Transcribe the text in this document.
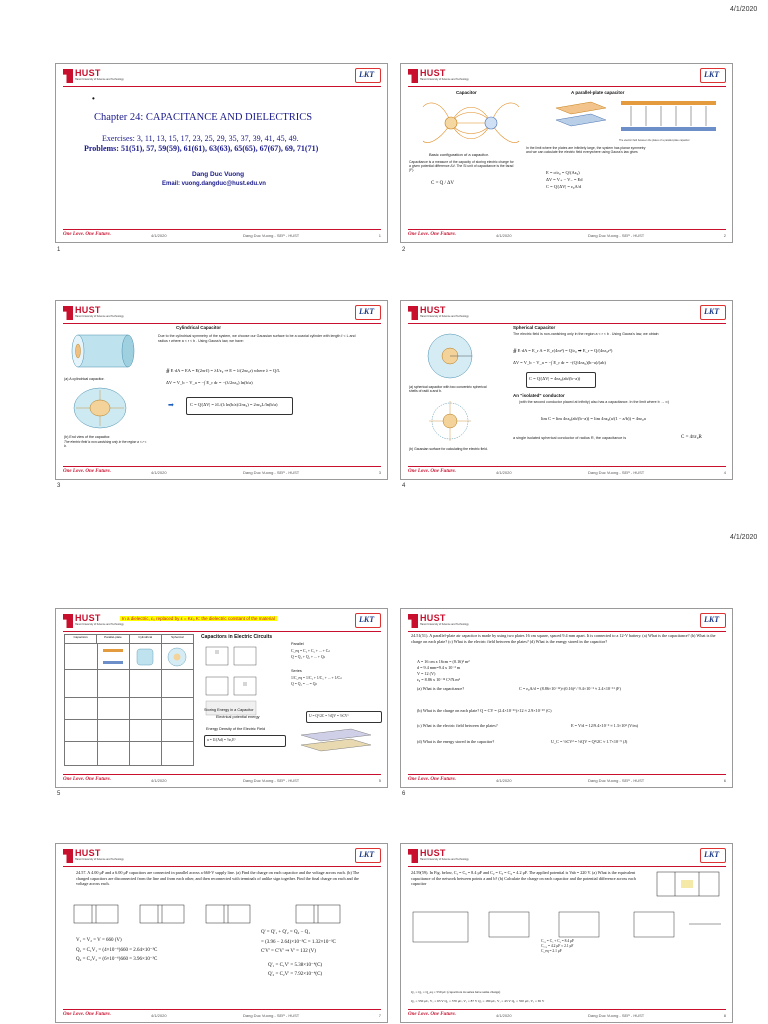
4/1/2020
4/1/2020
HUST
Hanoi University of Science and Technology
LKT
•
Chapter 24: CAPACITANCE AND DIELECTRICS
Exercises: 3, 11, 13, 15, 17, 23, 25, 29, 35, 37, 39, 41, 45, 49.
Problems: 51(51), 57, 59(59), 61(61), 63(63), 65(65), 67(67), 69, 71(71)
Dang Duc Vuong
Email: vuong.dangduc@hust.edu.vn
One Love. One Future.	4/1/2020	Dang Duc Vuong - SEP - HUST	1
1
HUST
Hanoi University of Science and Technology
LKT
Capacitor	A parallel-plate capacitor
The electric field between the plates of a parallel-plate capacitor
Basic configuration of a capacitor.
Capacitance is a measure of the capacity of storing electric charge for a given potential difference ΔV. The SI unit of capacitance is the farad (F).
C = Q / ΔV
In the limit where the plates are infinitely large, the system has planar symmetry and we can calculate the electric field everywhere using Gauss's law gives
E = σ/ε₀ = Q/(Aε₀)
ΔV = V₊ − V₋ = Ed
C = Q/|ΔV| = ε₀A/d
One Love. One Future.	4/1/2020	Dang Duc Vuong - SEP - HUST	2
2
HUST
Hanoi University of Science and Technology
LKT
Cylindrical Capacitor
Due to the cylindrical symmetry of the system, we choose our Gaussian surface to be a coaxial cylinder with length ℓ < L and radius r where a < r < b . Using Gauss's law, we have:
(a) A cylindrical capacitor.
(b) End view of the capacitor.
The electric field is non-vanishing only in the region a < r < b.
∯ E·dA = EA = E(2πrℓ) = λℓ/ε₀ ⇒ E = λ/(2πε₀r) where λ = Q/L
ΔV = V_b − V_a = −∫ E_r dr = −(λ/2πε₀) ln(b/a)
➡	C = Q/|ΔV| = λL/(λ ln(b/a)/2πε₀) = 2πε₀L/ln(b/a)
One Love. One Future.	4/1/2020	Dang Duc Vuong - SEP - HUST	3
3
HUST
Hanoi University of Science and Technology
LKT
Spherical Capacitor
The electric field is non-vanishing only in the region a < r < b . Using Gauss's law, we obtain
(a) spherical capacitor with two concentric spherical shells of radii a and b.
(b) Gaussian surface for calculating the electric field.
∯ E·dA = E_r A = E_r(4πr²) = Q/ε₀ ➡ E_r = Q/(4πε₀r²)
ΔV = V_b − V_a = −∫ E_r dr = −(Q/4πε₀)(b−a)/(ab)
C = Q/|ΔV| = 4πε₀(ab/(b−a))
An "isolated" conductor
(with the second conductor placed at infinity) also has a capacitance. In the limit where b → ∞)
lim C = lim 4πε₀(ab/(b−a)) = lim 4πε₀(a/(1 − a/b)) = 4πε₀a
a single isolated spherical conductor of radius R, the capacitance is	C = 4πε₀R
One Love. One Future.	4/1/2020	Dang Duc Vuong - SEP - HUST	4
4
HUST
Hanoi University of Science and Technology
LKT
In a dielectric, ε₀ replaced by ε = Kε₀ K: the dielectric constant of the material
Capacitors	Parallel-plate	Cylindrical	Spherical	Capacitors in Electric Circuits
Parallel
C_eq = C₁ + C₂ + ... + Cₙ
Q = Q₁ + Q₂ + ... + Qₙ
Series
1/C_eq = 1/C₁ + 1/C₂ + ... + 1/Cₙ
Q = Q₁ = ... = Qₙ
Storing Energy in a Capacitor
Electrical potential energy	U = Q²/2C = ½QV = ½CV²
Energy Density of the Electric Field
u = U/(Ad) = ½ε₀E²
One Love. One Future.	4/1/2020	Dang Duc Vuong - SEP - HUST	5
5
HUST
Hanoi University of Science and Technology
LKT
24.51(51). A parallel-plate air capacitor is made by using two plates 16 cm square, spaced 9.4 mm apart. It is connected to a 12-V battery. (a) What is the capacitance? (b) What is the charge on each plate? (c) What is the electric field between the plates? (d) What is the energy stored in the capacitor?
A = 16 cm x 16cm = (0.16)² m²
d = 9.4 mm=9.4 x 10⁻³ m
V = 12 (V)
ε₀ = 8.86 x 10⁻¹² C²/N.m²
(a) What is the capacitance?	C = ε₀A/d = (8.86×10⁻¹²)×(0.16)² / 9.4×10⁻³ ≈ 2.4×10⁻¹¹ (F)
(b) What is the charge on each plate? Q = CV = (2.4×10⁻¹¹)×12 ≈ 2.9×10⁻¹⁰ (C)
(c) What is the electric field between the plates?	E = V/d = 12/9.4×10⁻³ ≈ 1.3×10³ (V/m)
(d) What is the energy stored in the capacitor?	U_C = ½CV² = ½QV = Q²/2C ≈ 1.7×10⁻⁹ (J)
One Love. One Future.	4/1/2020	Dang Duc Vuong - SEP - HUST	6
6
HUST
Hanoi University of Science and Technology
LKT
24.57. A 4.00 μF and a 6.00 μF capacitors are connected in parallel across a 660-V supply line. (a) Find the charge on each capacitor and the voltage across each. (b) The charged capacitors are disconnected from the line and from each other, and then reconnected with terminals of unlike sign together. Find the final charge on each and the voltage across each.
V₁ = V₂ = V = 660 (V)
Q₁ = C₁V₁ = (4×10⁻⁶)660 = 2.64×10⁻³C
Q₂ = C₂V₂ = (6×10⁻⁶)660 = 3.96×10⁻³C
Q' = Q'₁ + Q'₂ = Q₂ − Q₁
= (3.96 − 2.64)×10⁻³C = 1.32×10⁻³C
C'V' = C'V' ⇒ V' = 132 (V)
Q'₁ = C₁V' = 5.38×10⁻⁴(C)
Q'₂ = C₂V' = 7.92×10⁻⁴(C)
One Love. One Future.	4/1/2020	Dang Duc Vuong - SEP - HUST	7
HUST
Hanoi University of Science and Technology
LKT
24.59(59). In Fig. below, C₁ = C₅ = 8.4 μF and C₂ = C₃ = C₄ = 4.2 μF. The applied potential is Vab = 220 V. (a) What is the equivalent capacitance of the network between points a and b? (b) Calculate the charge on each capacitor and the potential difference across each capacitor
C₃₄ = C₃ + C₄ = 8.4 μF
C₂₃₄ = 4.2 μF ≈ 2.1 μF
C_eq = 2.1 μF
Q₁ = Q₅ = Q_eq = 550 μC (capacitors in series have same charge)
Q₂ = 550 μC, V₂ = 65 V Q₃ = 370 μC, V₃ = 87 V Q₄ = 180 μC, V₄ = 43 V Q₅ = 550 μC, V₅ = 65 V
One Love. One Future.	4/1/2020	Dang Duc Vuong - SEP - HUST	8
